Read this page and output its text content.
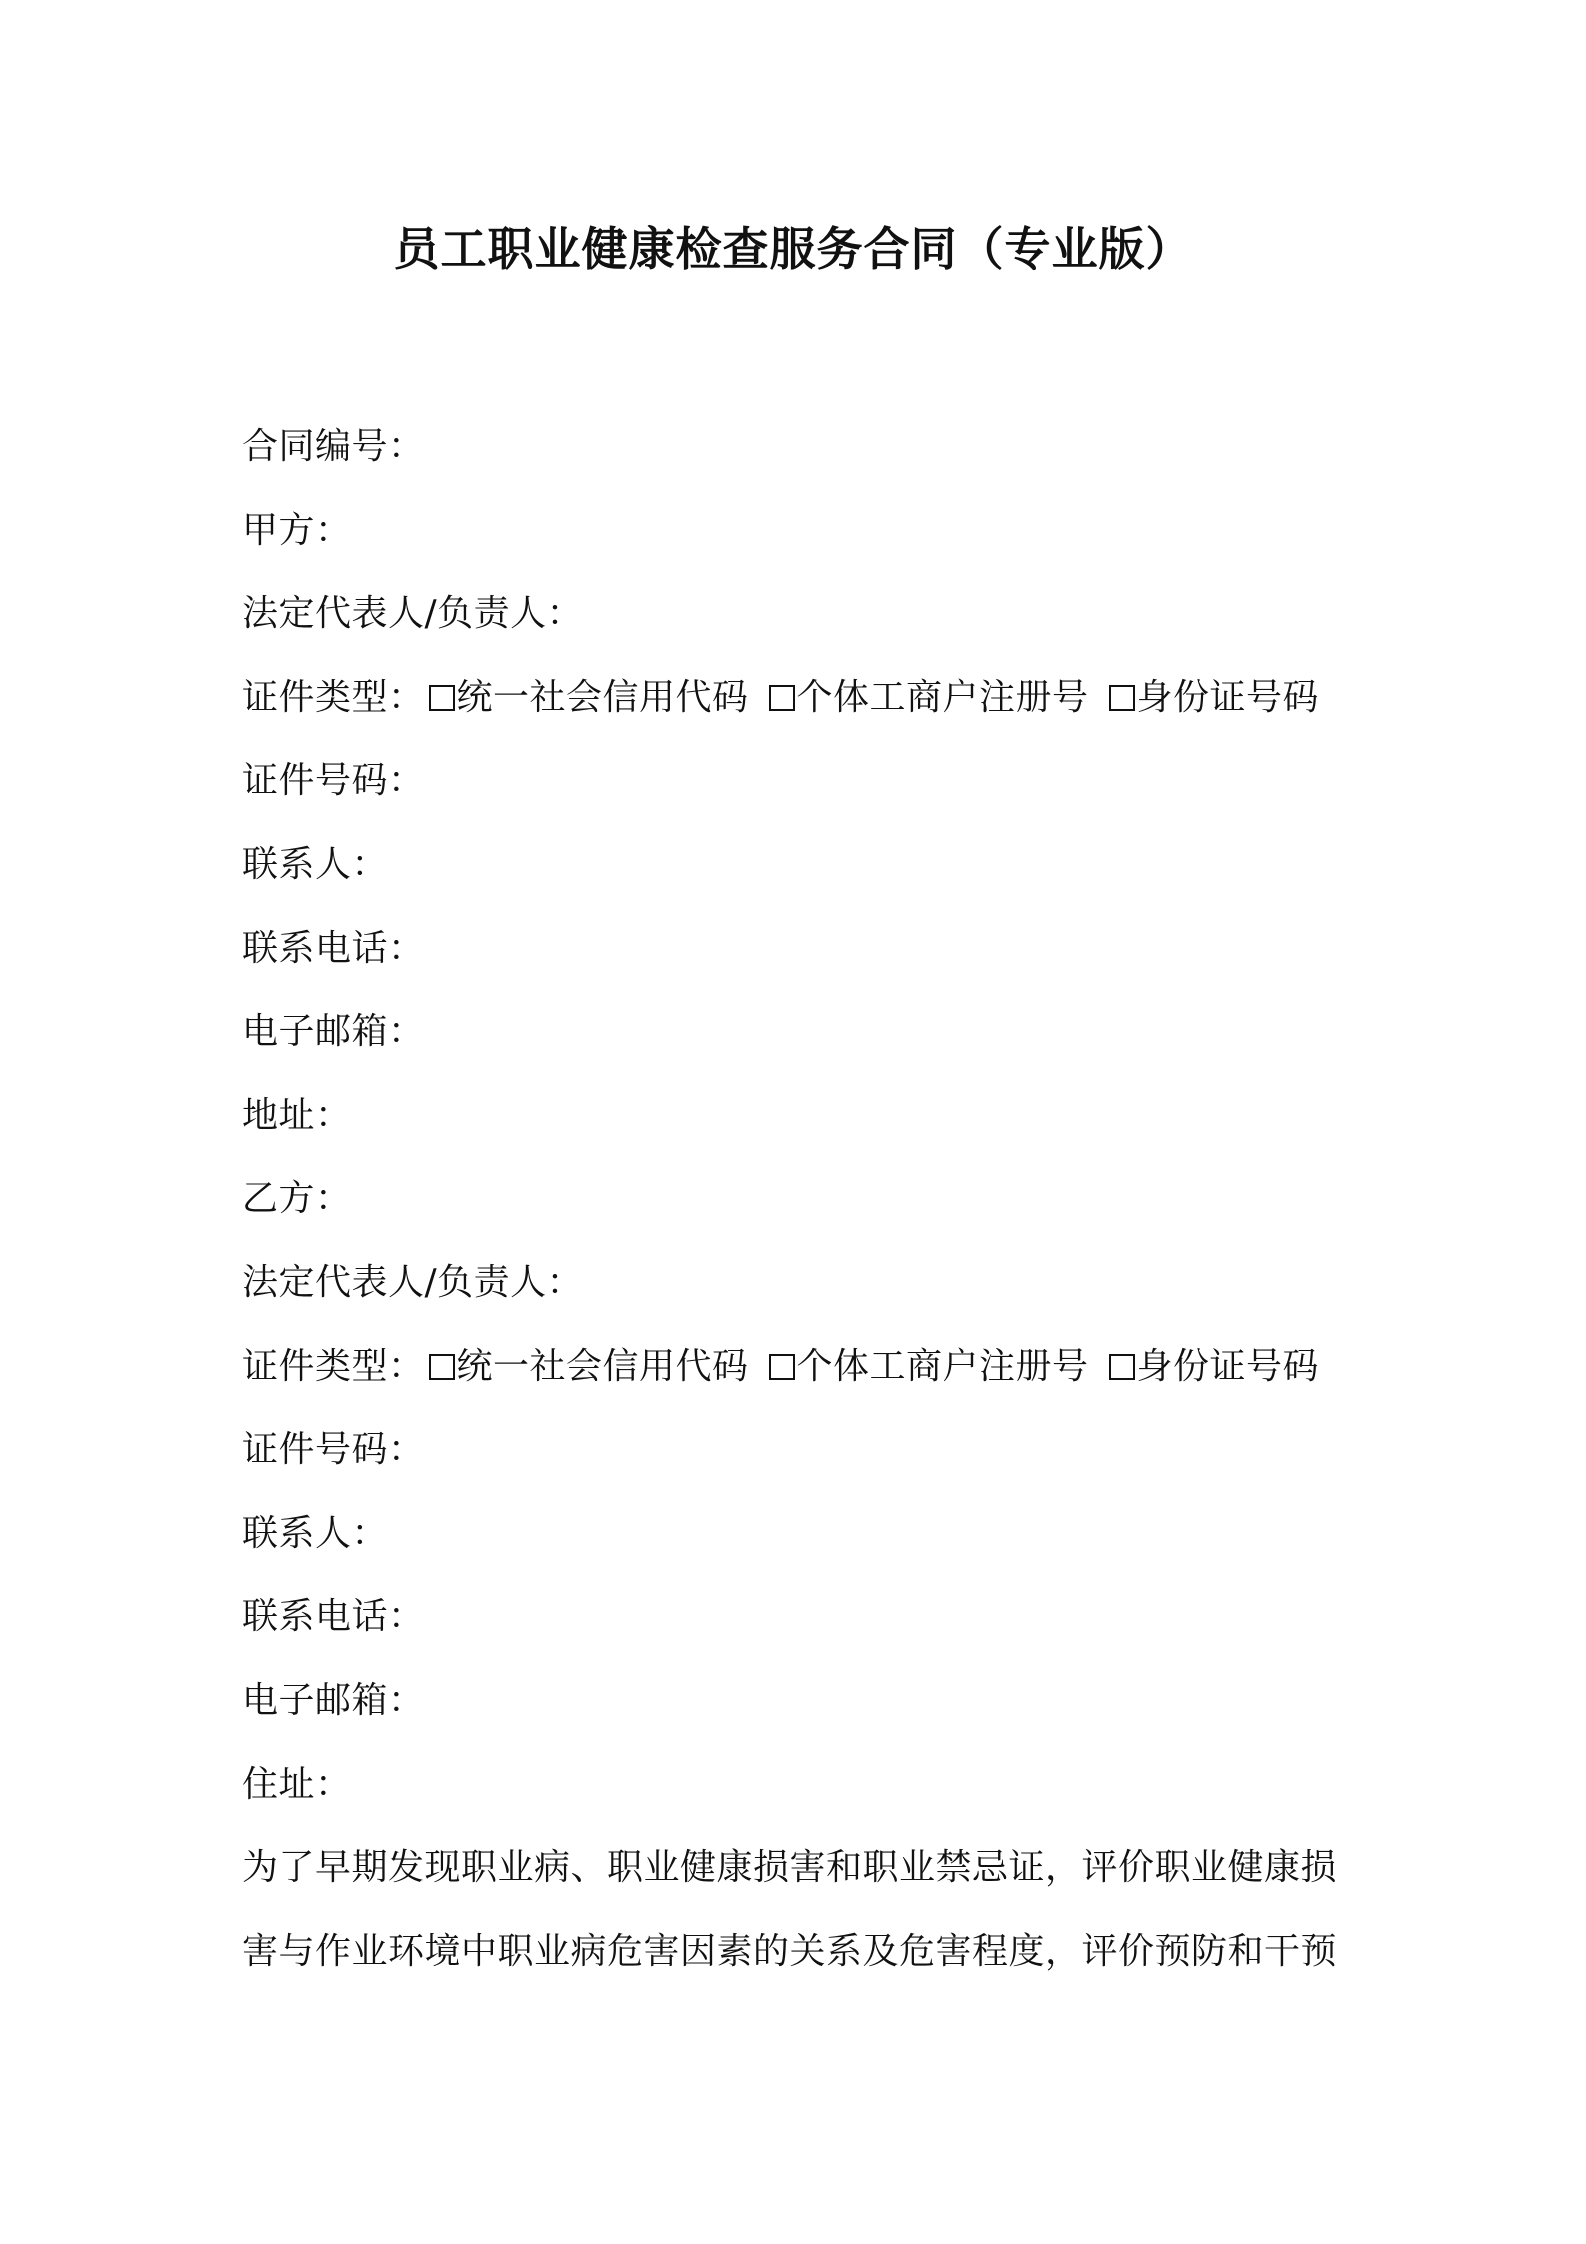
员工职业健康检查服务合同（专业版）
合同编号：
甲方：
法定代表人/负责人：
证件类型： 统一社会信用代码 个体工商户注册号 身份证号码
证件号码：
联系人：
联系电话：
电子邮箱：
地址：
乙方：
法定代表人/负责人：
证件类型： 统一社会信用代码 个体工商户注册号 身份证号码
证件号码：
联系人：
联系电话：
电子邮箱：
住址：
为了早期发现职业病、职业健康损害和职业禁忌证，评价职业健康损
害与作业环境中职业病危害因素的关系及危害程度，评价预防和干预
